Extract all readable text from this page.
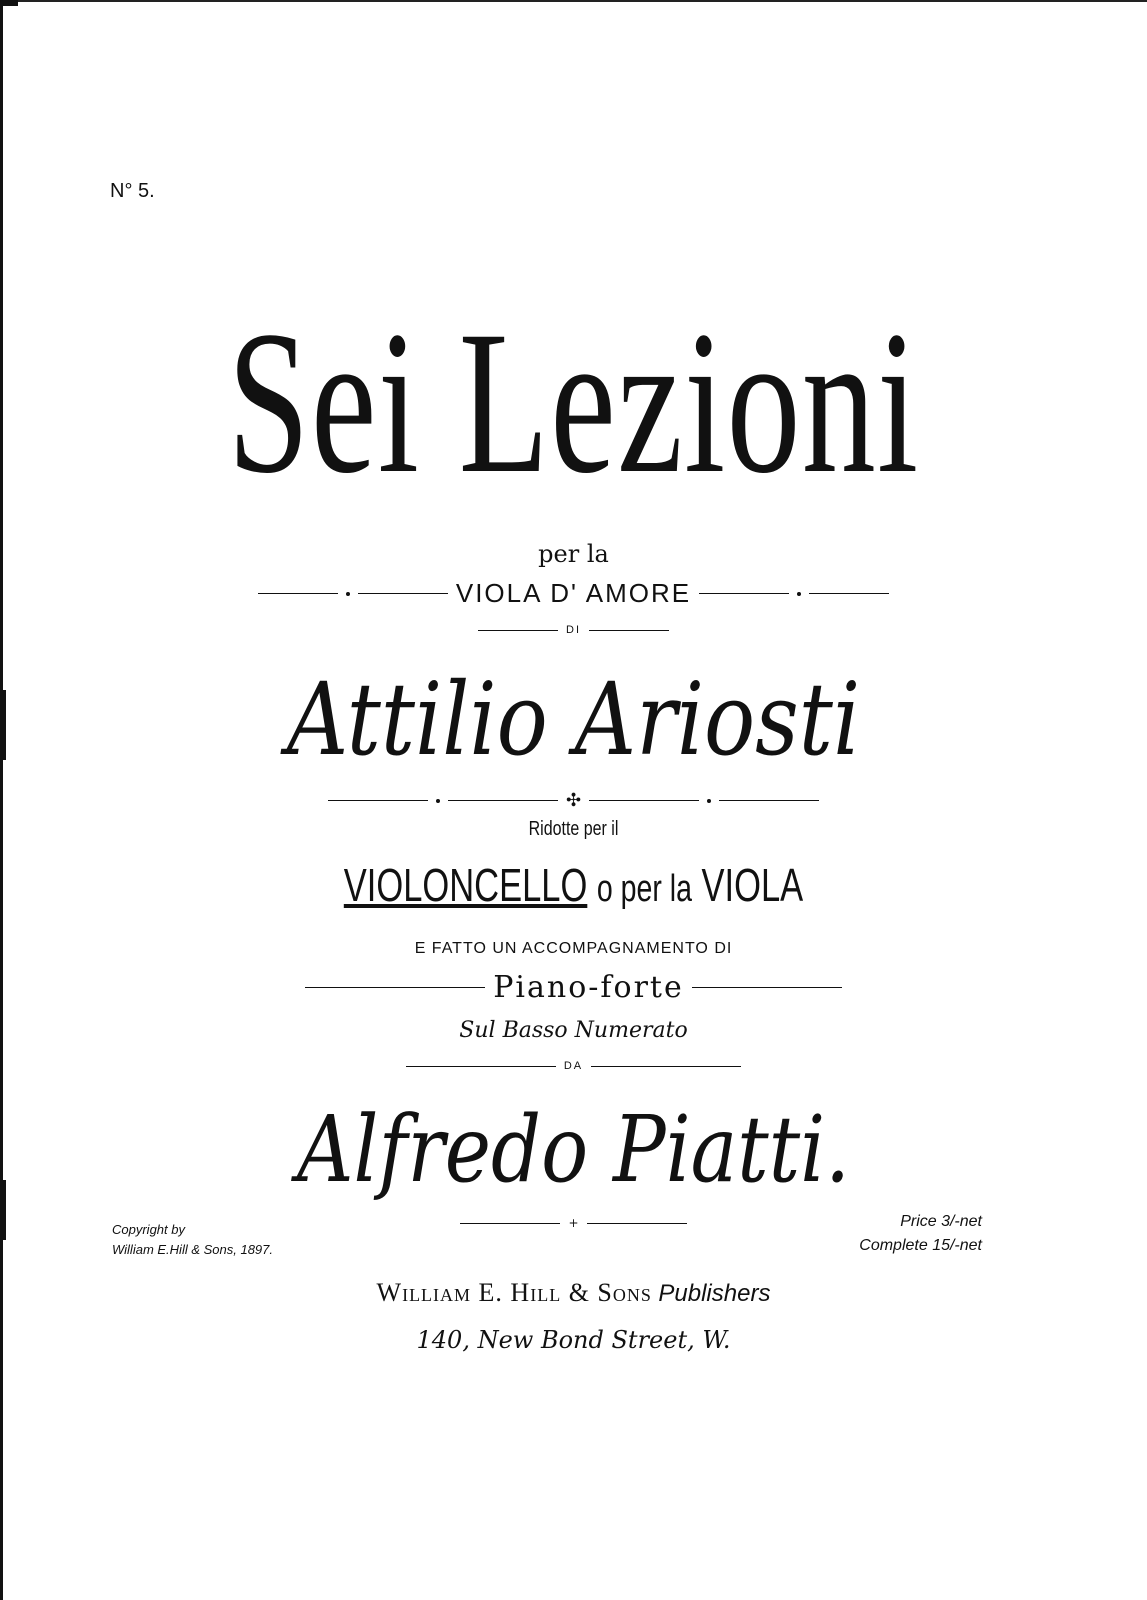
N° 5.
Sei Lezioni
per la
VIOLA D' AMORE
DI
Attilio Ariosti
✣
Ridotte per il
VIOLONCELLO o per la VIOLA
E FATTO UN ACCOMPAGNAMENTO DI
Piano-forte
Sul Basso Numerato
DA
Alfredo Piatti.
Copyright by
William E.Hill & Sons, 1897.
+	Price 3/-net
Complete 15/-net
William E. Hill & Sons Publishers
140, New Bond Street, W.
